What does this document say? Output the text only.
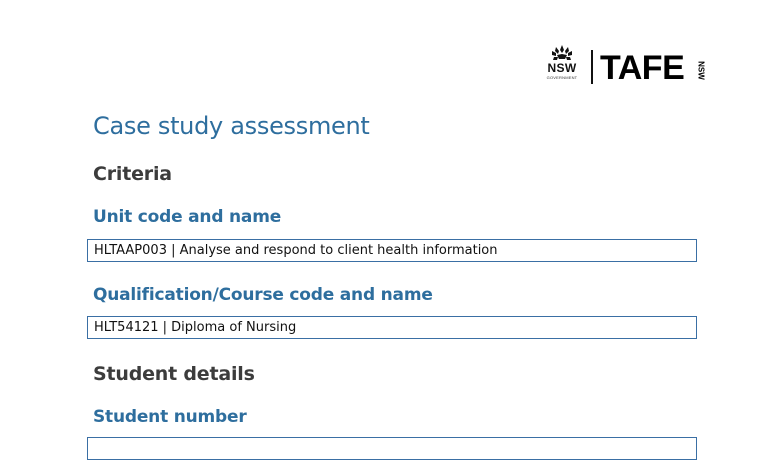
NSW
GOVERNMENT TAFE NSW
Case study assessment
Criteria
Unit code and name
HLTAAP003 | Analyse and respond to client health information
Qualification/Course code and name
HLT54121 | Diploma of Nursing
Student details
Student number
